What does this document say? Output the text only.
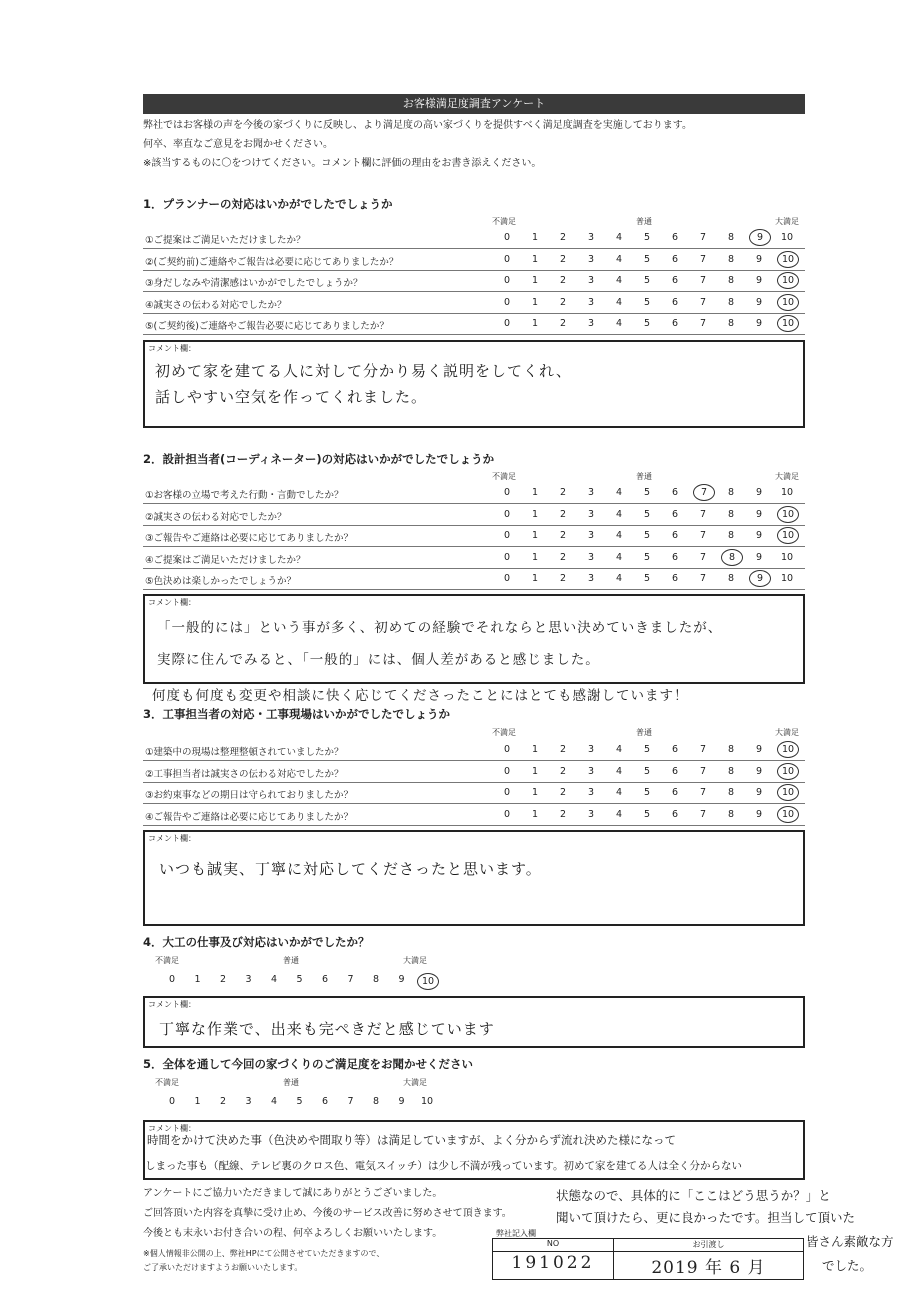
お客様満足度調査アンケート
弊社ではお客様の声を今後の家づくりに反映し、より満足度の高い家づくりを提供すべく満足度調査を実施しております。
何卒、率直なご意見をお聞かせください。
※該当するものに〇をつけてください。コメント欄に評価の理由をお書き添えください。
1．プランナーの対応はいかがでしたでしょうか
不満足	普通	大満足
①ご提案はご満足いただけましたか？	0	1	2	3	4	5	6	7	8	9	10
②(ご契約前)ご連絡やご報告は必要に応じてありましたか？	0	1	2	3	4	5	6	7	8	9	10
③身だしなみや清潔感はいかがでしたでしょうか？	0	1	2	3	4	5	6	7	8	9	10
④誠実さの伝わる対応でしたか？	0	1	2	3	4	5	6	7	8	9	10
⑤(ご契約後)ご連絡やご報告必要に応じてありましたか？	0	1	2	3	4	5	6	7	8	9	10
コメント欄：
初めて家を建てる人に対して分かり易く説明をしてくれ、
話しやすい空気を作ってくれました。
2．設計担当者(コーディネーター)の対応はいかがでしたでしょうか
不満足	普通	大満足
①お客様の立場で考えた行動・言動でしたか？	0	1	2	3	4	5	6	7	8	9	10
②誠実さの伝わる対応でしたか？	0	1	2	3	4	5	6	7	8	9	10
③ご報告やご連絡は必要に応じてありましたか？	0	1	2	3	4	5	6	7	8	9	10
④ご提案はご満足いただけましたか？	0	1	2	3	4	5	6	7	8	9	10
⑤色決めは楽しかったでしょうか？	0	1	2	3	4	5	6	7	8	9	10
コメント欄：
「一般的には」という事が多く、初めての経験でそれならと思い決めていきましたが、
実際に住んでみると、「一般的」には、個人差があると感じました。
何度も何度も変更や相談に快く応じてくださったことにはとても感謝しています！
3．工事担当者の対応・工事現場はいかがでしたでしょうか
不満足	普通	大満足
①建築中の現場は整理整頓されていましたか？	0	1	2	3	4	5	6	7	8	9	10
②工事担当者は誠実さの伝わる対応でしたか？	0	1	2	3	4	5	6	7	8	9	10
③お約束事などの期日は守られておりましたか？	0	1	2	3	4	5	6	7	8	9	10
④ご報告やご連絡は必要に応じてありましたか？	0	1	2	3	4	5	6	7	8	9	10
コメント欄：
いつも誠実、丁寧に対応してくださったと思います。
4．大工の仕事及び対応はいかがでしたか？
不満足	普通	大満足
0	1	2	3	4	5	6	7	8	9	10
コメント欄：
丁寧な作業で、出来も完ぺきだと感じています
5．全体を通して今回の家づくりのご満足度をお聞かせください
不満足	普通	大満足
0	1	2	3	4	5	6	7	8	9	10
コメント欄：
時間をかけて決めた事（色決めや間取り等）は満足していますが、よく分からず流れ決めた様になって
しまった事も（配線、テレビ裏のクロス色、電気スイッチ）は少し不満が残っています。初めて家を建てる人は全く分からない
状態なので、具体的に「ここはどう思うか？」と
聞いて頂けたら、更に良かったです。担当して頂いた
皆さん素敵な方
でした。
アンケートにご協力いただきまして誠にありがとうございました。
ご回答頂いた内容を真摯に受け止め、今後のサービス改善に努めさせて頂きます。
今後とも末永いお付き合いの程、何卒よろしくお願いいたします。
※個人情報非公開の上、弊社HPにて公開させていただきますので、
ご了承いただけますようお願いいたします。
弊社記入欄
NO	お引渡し
191022	2019 年 6 月
